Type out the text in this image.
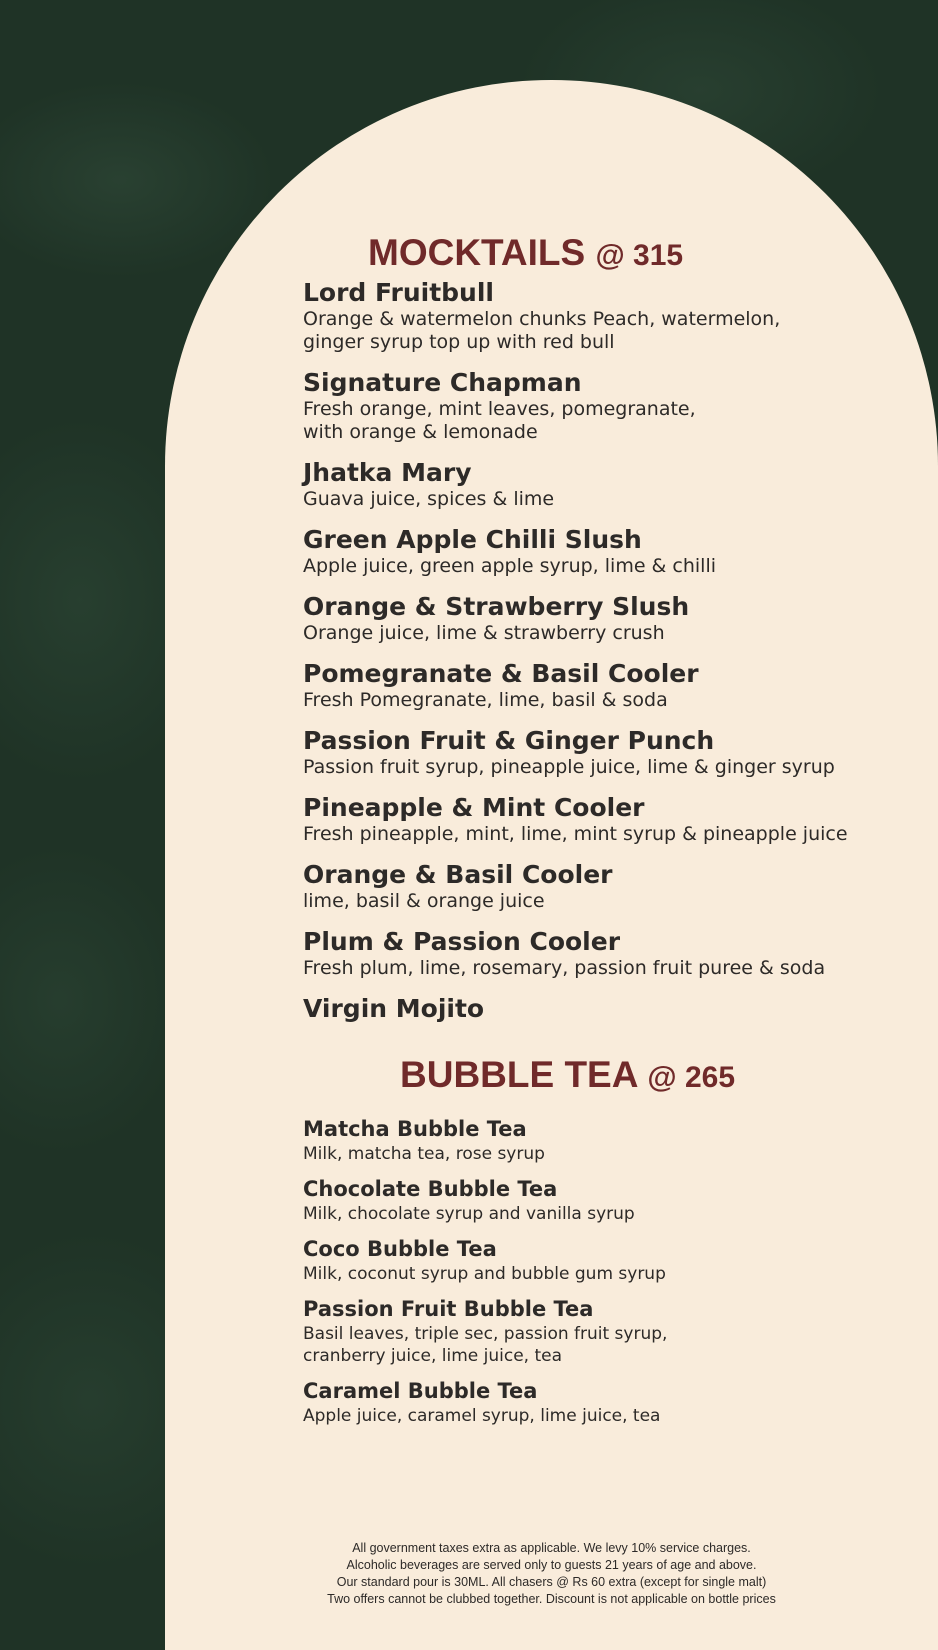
MOCKTAILS @ 315
Lord Fruitbull
Orange & watermelon chunks Peach, watermelon,
ginger syrup top up with red bull
Signature Chapman
Fresh orange, mint leaves, pomegranate,
with orange & lemonade
Jhatka Mary
Guava juice, spices & lime
Green Apple Chilli Slush
Apple juice, green apple syrup, lime & chilli
Orange & Strawberry Slush
Orange juice, lime & strawberry crush
Pomegranate & Basil Cooler
Fresh Pomegranate, lime, basil & soda
Passion Fruit & Ginger Punch
Passion fruit syrup, pineapple juice, lime & ginger syrup
Pineapple & Mint Cooler
Fresh pineapple, mint, lime, mint syrup & pineapple juice
Orange & Basil Cooler
lime, basil & orange juice
Plum & Passion Cooler
Fresh plum, lime, rosemary, passion fruit puree & soda
Virgin Mojito
BUBBLE TEA @ 265
Matcha Bubble Tea
Milk, matcha tea, rose syrup
Chocolate Bubble Tea
Milk, chocolate syrup and vanilla syrup
Coco Bubble Tea
Milk, coconut syrup and bubble gum syrup
Passion Fruit Bubble Tea
Basil leaves, triple sec, passion fruit syrup,
cranberry juice, lime juice, tea
Caramel Bubble Tea
Apple juice, caramel syrup, lime juice, tea
All government taxes extra as applicable. We levy 10% service charges.
Alcoholic beverages are served only to guests 21 years of age and above.
Our standard pour is 30ML. All chasers @ Rs 60 extra (except for single malt)
Two offers cannot be clubbed together. Discount is not applicable on bottle prices
